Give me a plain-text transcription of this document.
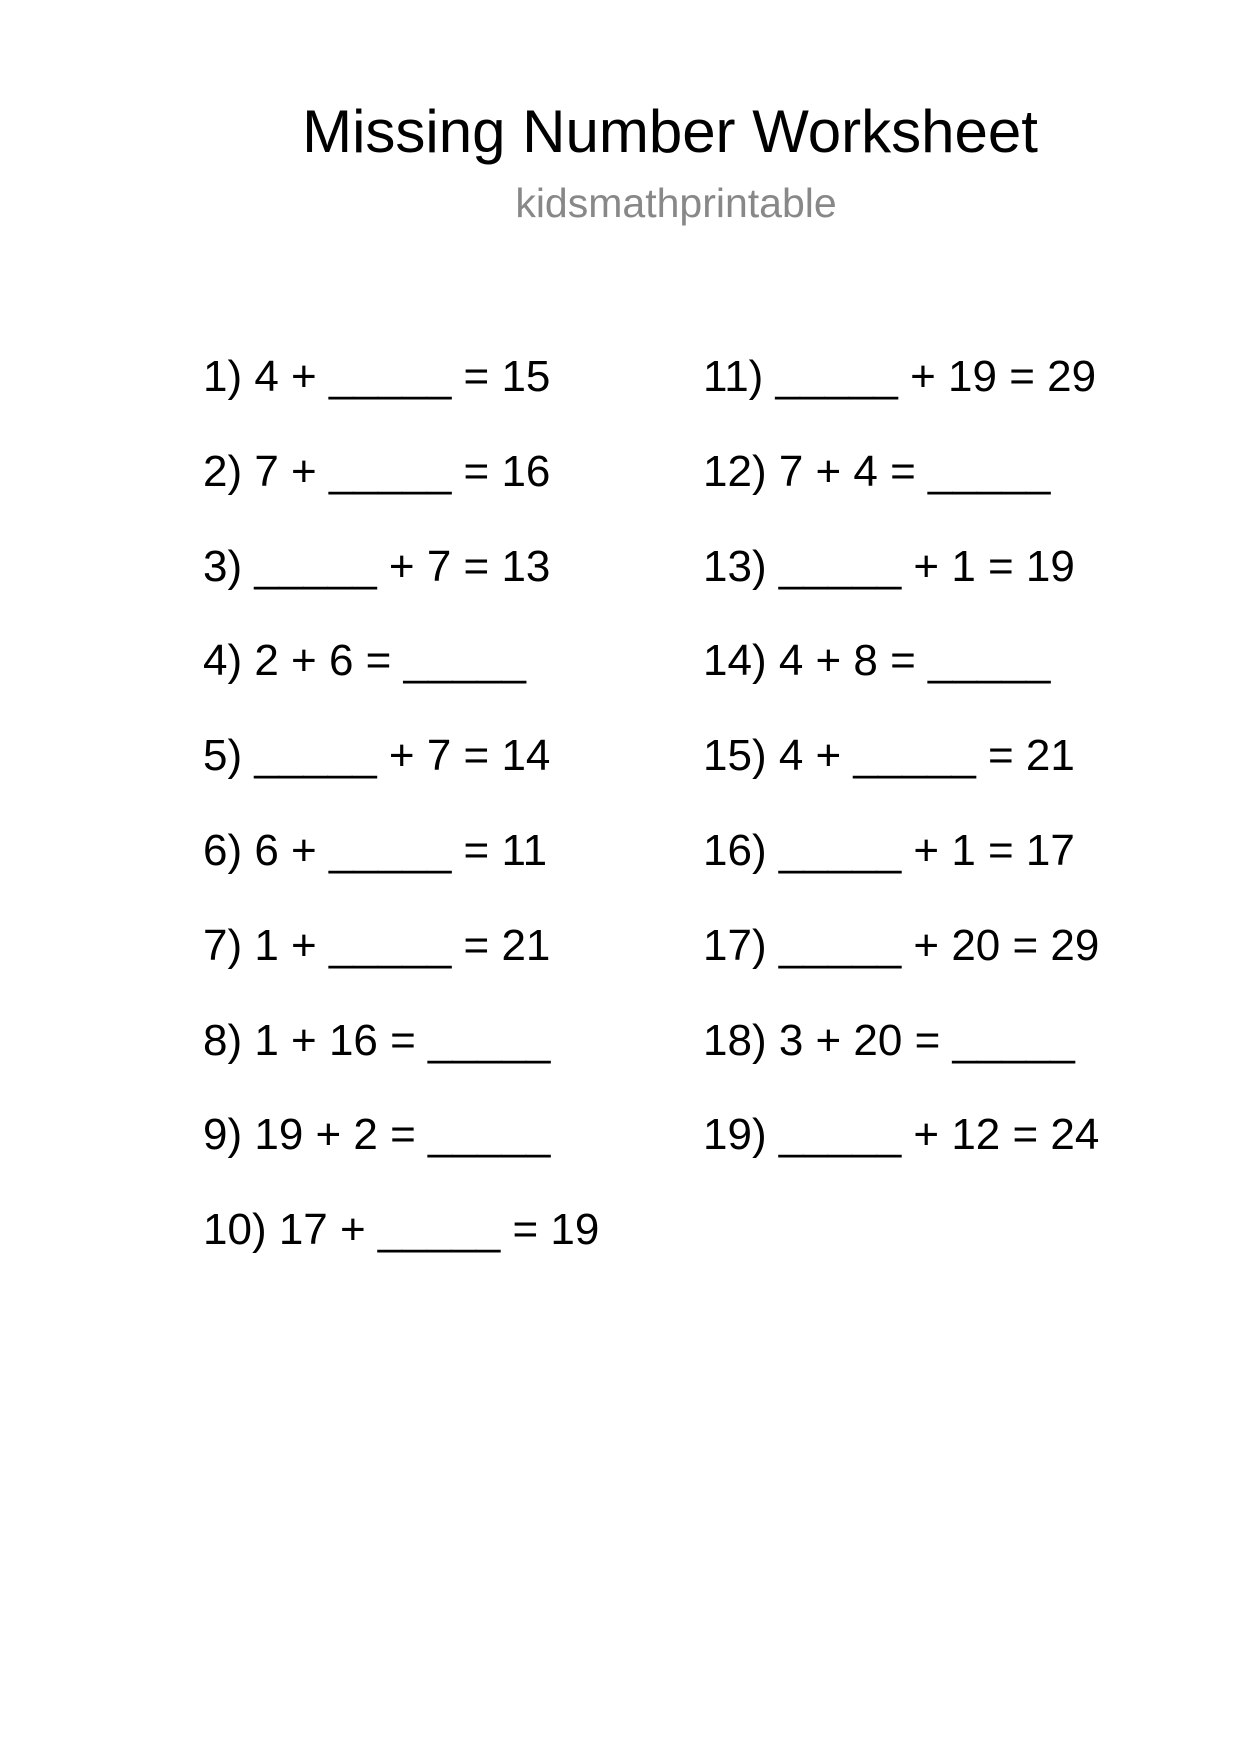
Missing Number Worksheet
kidsmathprintable
1) 4 + _____ = 15
2) 7 + _____ = 16
3) _____ + 7 = 13
4) 2 + 6 = _____
5) _____ + 7 = 14
6) 6 + _____ = 11
7) 1 + _____ = 21
8) 1 + 16 = _____
9) 19 + 2 = _____
10) 17 + _____ = 19
11) _____ + 19 = 29
12) 7 + 4 = _____
13) _____ + 1 = 19
14) 4 + 8 = _____
15) 4 + _____ = 21
16) _____ + 1 = 17
17) _____ + 20 = 29
18) 3 + 20 = _____
19) _____ + 12 = 24
